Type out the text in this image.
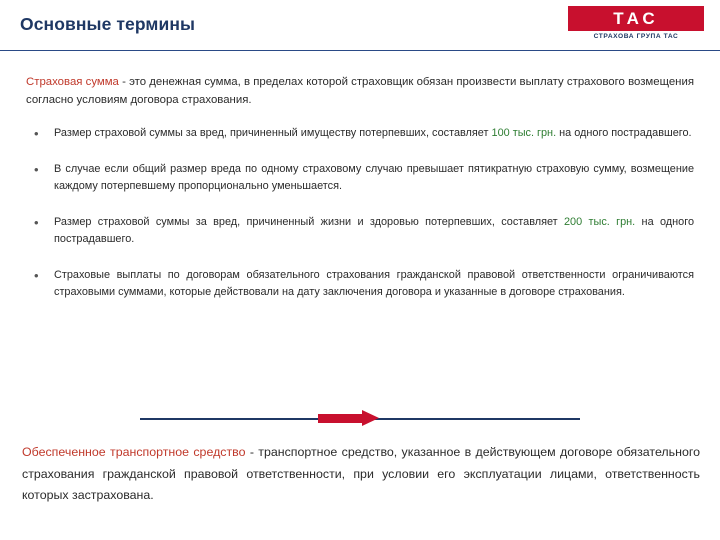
Основные термины	ТАС
СТРАХОВА ГРУПА ТАС

Страховая сумма - это денежная сумма, в пределах которой страховщик обязан произвести выплату страхового возмещения согласно условиям договора страхования.

• Размер страховой суммы за вред, причиненный имуществу потерпевших, составляет 100 тыс. грн. на одного пострадавшего.
• В случае если общий размер вреда по одному страховому случаю превышает пятикратную страховую сумму, возмещение каждому потерпевшему пропорционально уменьшается.
• Размер страховой суммы за вред, причиненный жизни и здоровью потерпевших, составляет 200 тыс. грн. на одного пострадавшего.
• Страховые выплаты по договорам обязательного страхования гражданской правовой ответственности ограничиваются страховыми суммами, которые действовали на дату заключения договора и указанные в договоре страхования.

Обеспеченное транспортное средство - транспортное средство, указанное в действующем договоре обязательного страхования гражданской правовой ответственности, при условии его эксплуатации лицами, ответственность которых застрахована.
